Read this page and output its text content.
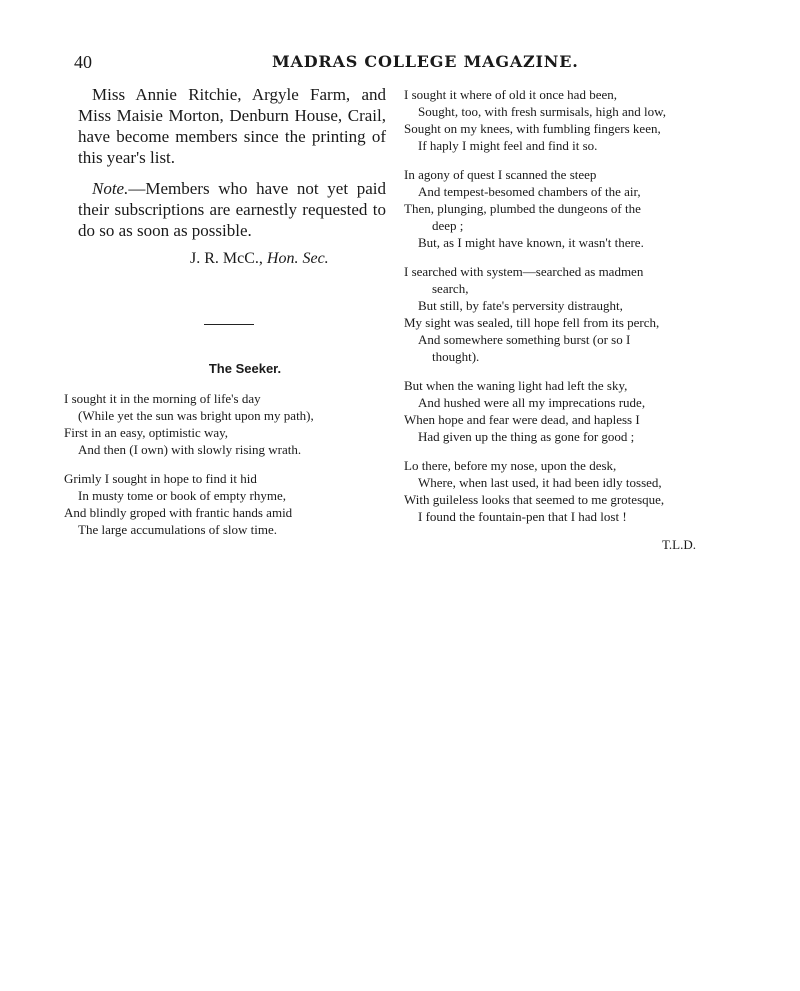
40	MADRAS COLLEGE MAGAZINE.

Miss Annie Ritchie, Argyle Farm, and Miss Maisie Morton, Denburn House, Crail, have become members since the printing of this year's list.

Note.—Members who have not yet paid their subscriptions are earnestly requested to do so as soon as possible.

J. R. McC., Hon. Sec.
The Seeker.
I sought it in the morning of life's day
(While yet the sun was bright upon my path),
First in an easy, optimistic way,
And then (I own) with slowly rising wrath.
Grimly I sought in hope to find it hid
In musty tome or book of empty rhyme,
And blindly groped with frantic hands amid
The large accumulations of slow time.
I sought it where of old it once had been,
Sought, too, with fresh surmisals, high and low,
Sought on my knees, with fumbling fingers keen,
If haply I might feel and find it so.
In agony of quest I scanned the steep
And tempest-besomed chambers of the air,
Then, plunging, plumbed the dungeons of the
deep ;
But, as I might have known, it wasn't there.
I searched with system—searched as madmen
search,
But still, by fate's perversity distraught,
My sight was sealed, till hope fell from its perch,
And somewhere something burst (or so I
thought).
But when the waning light had left the sky,
And hushed were all my imprecations rude,
When hope and fear were dead, and hapless I
Had given up the thing as gone for good ;
Lo there, before my nose, upon the desk,
Where, when last used, it had been idly tossed,
With guileless looks that seemed to me grotesque,
I found the fountain-pen that I had lost !
T.L.D.
